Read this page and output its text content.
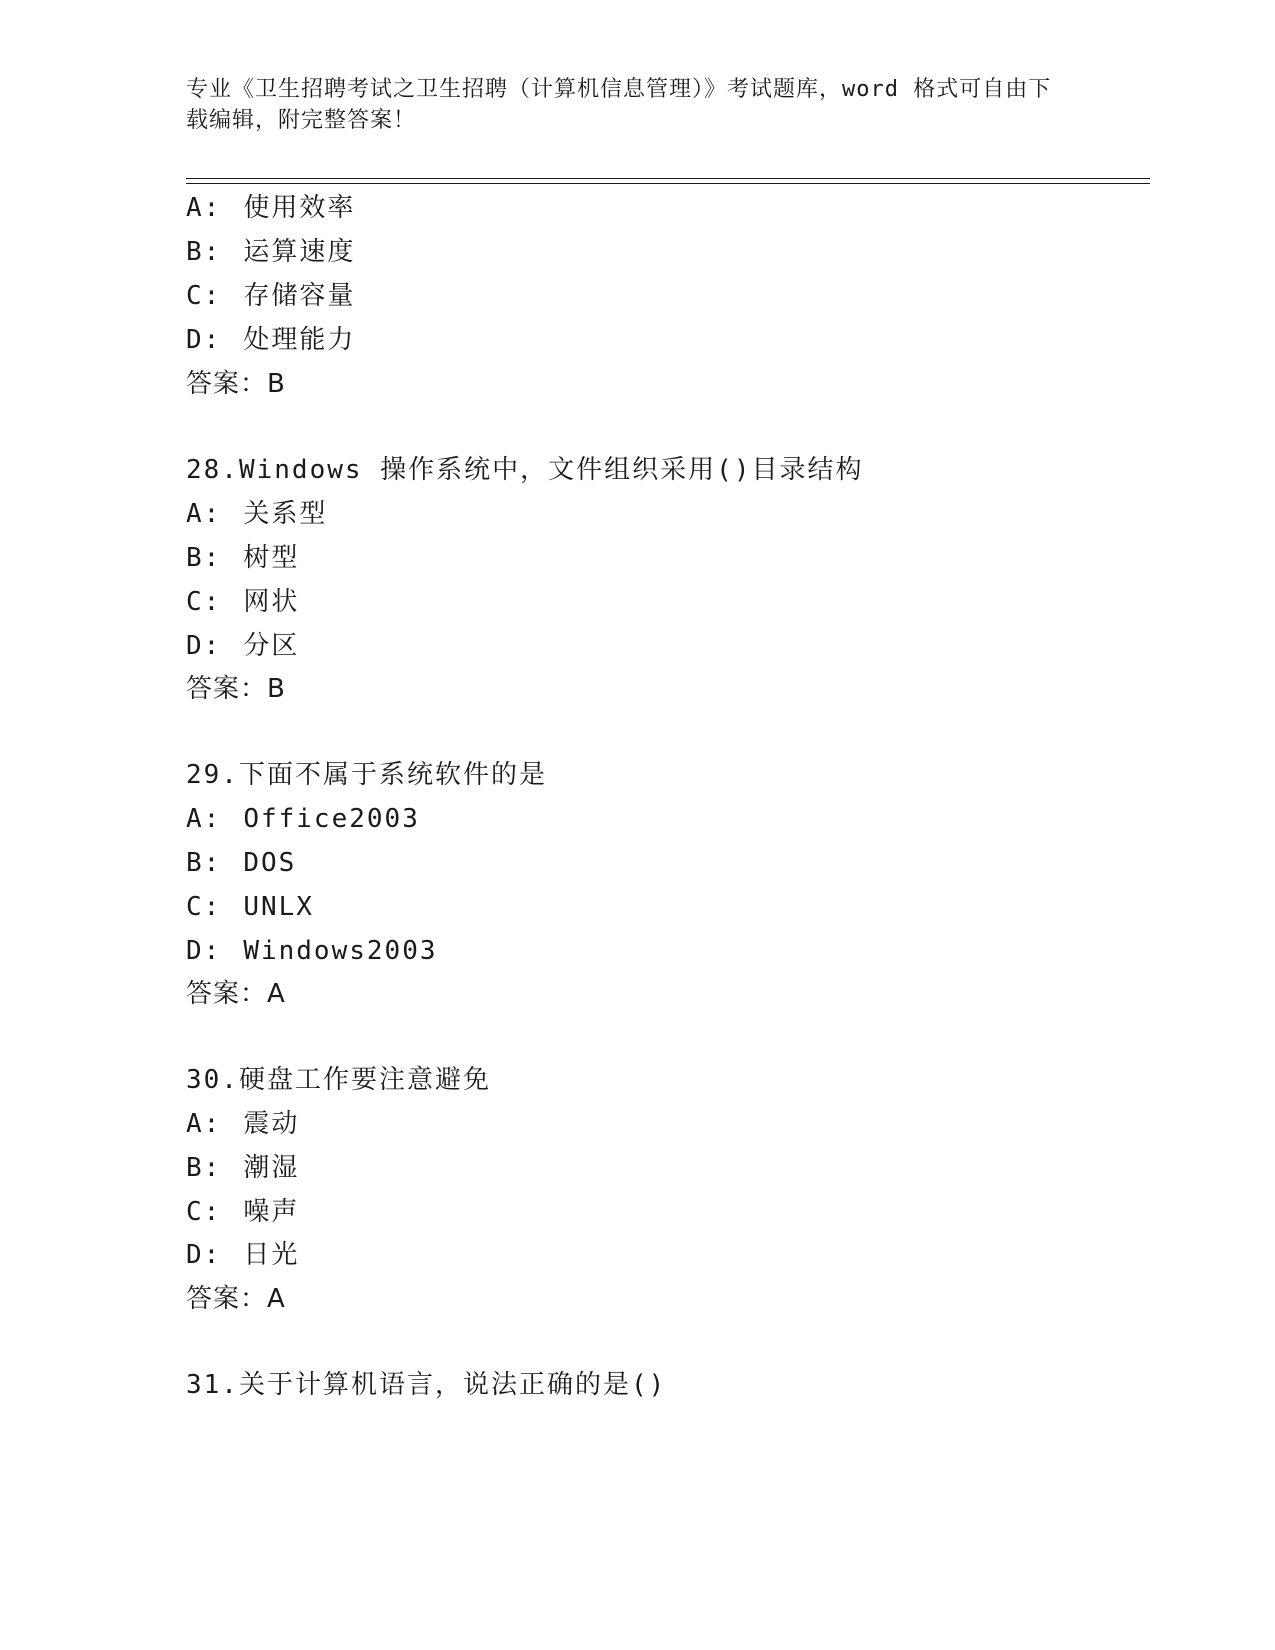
专业《卫生招聘考试之卫生招聘（计算机信息管理）》考试题库，word 格式可自由下载编辑，附完整答案！
A: 使用效率
B: 运算速度
C: 存储容量
D: 处理能力
答案：B
28.Windows 操作系统中，文件组织采用()目录结构
A: 关系型
B: 树型
C: 网状
D: 分区
答案：B
29.下面不属于系统软件的是
A: Office2003
B: DOS
C: UNLX
D: Windows2003
答案：A
30.硬盘工作要注意避免
A: 震动
B: 潮湿
C: 噪声
D: 日光
答案：A
31.关于计算机语言，说法正确的是()
